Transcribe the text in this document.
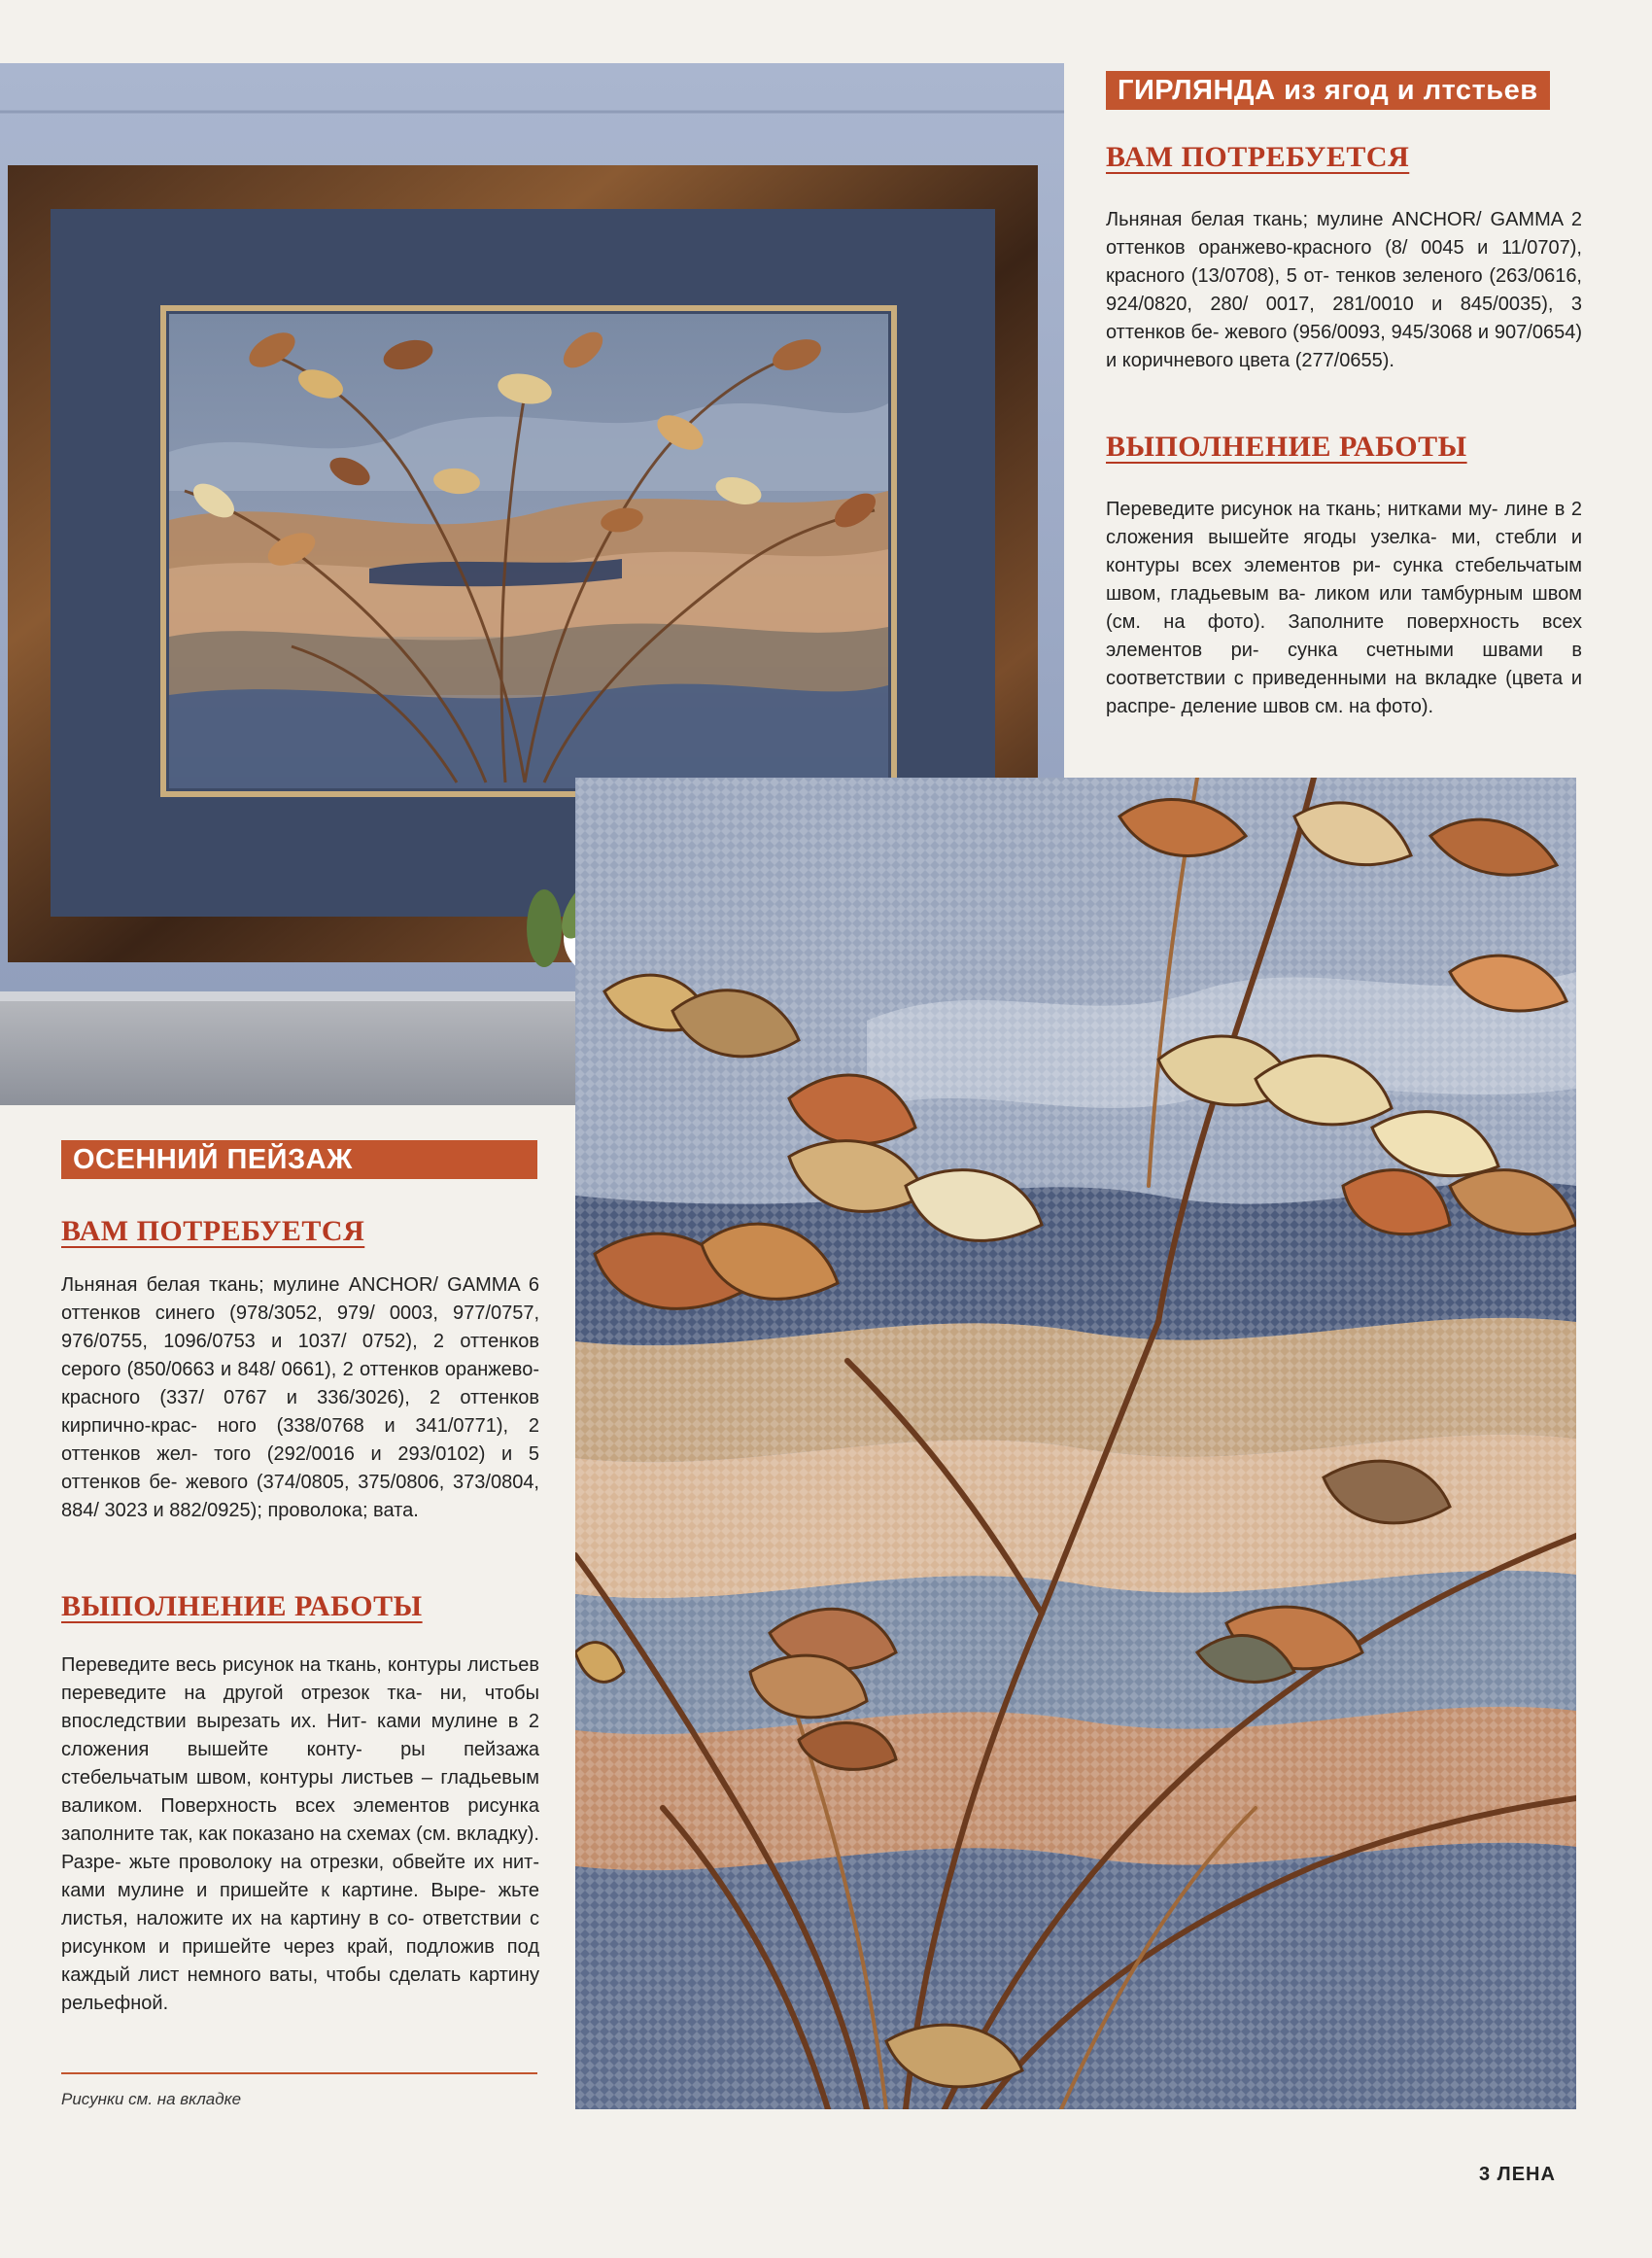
ГИРЛЯНДА из ягод и лтстьев
ВАМ ПОТРЕБУЕТСЯ

Льняная белая ткань; мулине ANCHOR/ GAMMA 2 оттенков оранжево-красного (8/ 0045 и 11/0707), красного (13/0708), 5 от- тенков зеленого (263/0616, 924/0820, 280/ 0017, 281/0010 и 845/0035), 3 оттенков бе- жевого (956/0093, 945/3068 и 907/0654) и коричневого цвета (277/0655).

ВЫПОЛНЕНИЕ РАБОТЫ

Переведите рисунок на ткань; нитками му- лине в 2 сложения вышейте ягоды узелка- ми, стебли и контуры всех элементов ри- сунка стебельчатым швом, гладьевым ва- ликом или тамбурным швом (см. на фото). Заполните поверхность всех элементов ри- сунка счетными швами в соответствии с приведенными на вкладке (цвета и распре- деление швов см. на фото).

ОСЕННИЙ ПЕЙЗАЖ
ВАМ ПОТРЕБУЕТСЯ

Льняная белая ткань; мулине ANCHOR/ GAMMA 6 оттенков синего (978/3052, 979/ 0003, 977/0757, 976/0755, 1096/0753 и 1037/ 0752), 2 оттенков серого (850/0663 и 848/ 0661), 2 оттенков оранжево-красного (337/ 0767 и 336/3026), 2 оттенков кирпично-крас- ного (338/0768 и 341/0771), 2 оттенков жел- того (292/0016 и 293/0102) и 5 оттенков бе- жевого (374/0805, 375/0806, 373/0804, 884/ 3023 и 882/0925); проволока; вата.

ВЫПОЛНЕНИЕ РАБОТЫ

Переведите весь рисунок на ткань, контуры листьев переведите на другой отрезок тка- ни, чтобы впоследствии вырезать их. Нит- ками мулине в 2 сложения вышейте конту- ры пейзажа стебельчатым швом, контуры листьев – гладьевым валиком. Поверхность всех элементов рисунка заполните так, как показано на схемах (см. вкладку). Разре- жьте проволоку на отрезки, обвейте их нит- ками мулине и пришейте к картине. Выре- жьте листья, наложите их на картину в со- ответствии с рисунком и пришейте через край, подложив под каждый лист немного ваты, чтобы сделать картину рельефной.

Рисунки см. на вкладке
3 ЛЕНА
